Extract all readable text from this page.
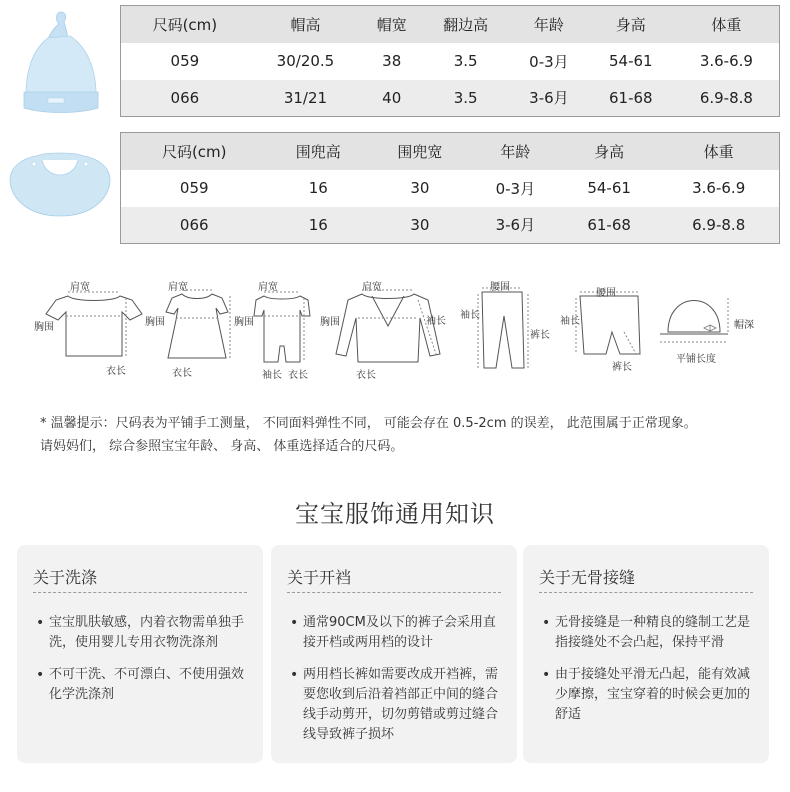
尺码(cm)	帽高	帽宽	翻边高	年龄	身高	体重
059	30/20.5	38	3.5	0-3月	54-61	3.6-6.9
066	31/21	40	3.5	3-6月	61-68	6.9-8.8
尺码(cm)	围兜高	围兜宽	年龄	身高	体重
059	16	30	0-3月	54-61	3.6-6.9
066	16	30	3-6月	61-68	6.9-8.8
肩宽
胸围
衣长
肩宽
胸围
衣长
肩宽
胸围
袖长 衣长
肩宽
胸围	袖长
衣长
腰围
袖长
裤长
腰围
袖长
裤长
帽深
平铺长度
* 温馨提示：尺码表为平铺手工测量， 不同面料弹性不同， 可能会存在 0.5-2cm 的误差， 此范围属于正常现象。
请妈妈们， 综合参照宝宝年龄、 身高、 体重选择适合的尺码。
宝宝服饰通用知识
关于洗涤
• 宝宝肌肤敏感，内着衣物需单独手洗，使用婴儿专用衣物洗涤剂
• 不可干洗、不可漂白、不使用强效化学洗涤剂
关于开裆
• 通常90CM及以下的裤子会采用直接开档或两用档的设计
• 两用档长裤如需要改成开裆裤，需要您收到后沿着裆部正中间的缝合线手动剪开，切勿剪错或剪过缝合线导致裤子损坏
关于无骨接缝
• 无骨接缝是一种精良的缝制工艺是指接缝处不会凸起，保持平滑
• 由于接缝处平滑无凸起，能有效减少摩擦，宝宝穿着的时候会更加的舒适
